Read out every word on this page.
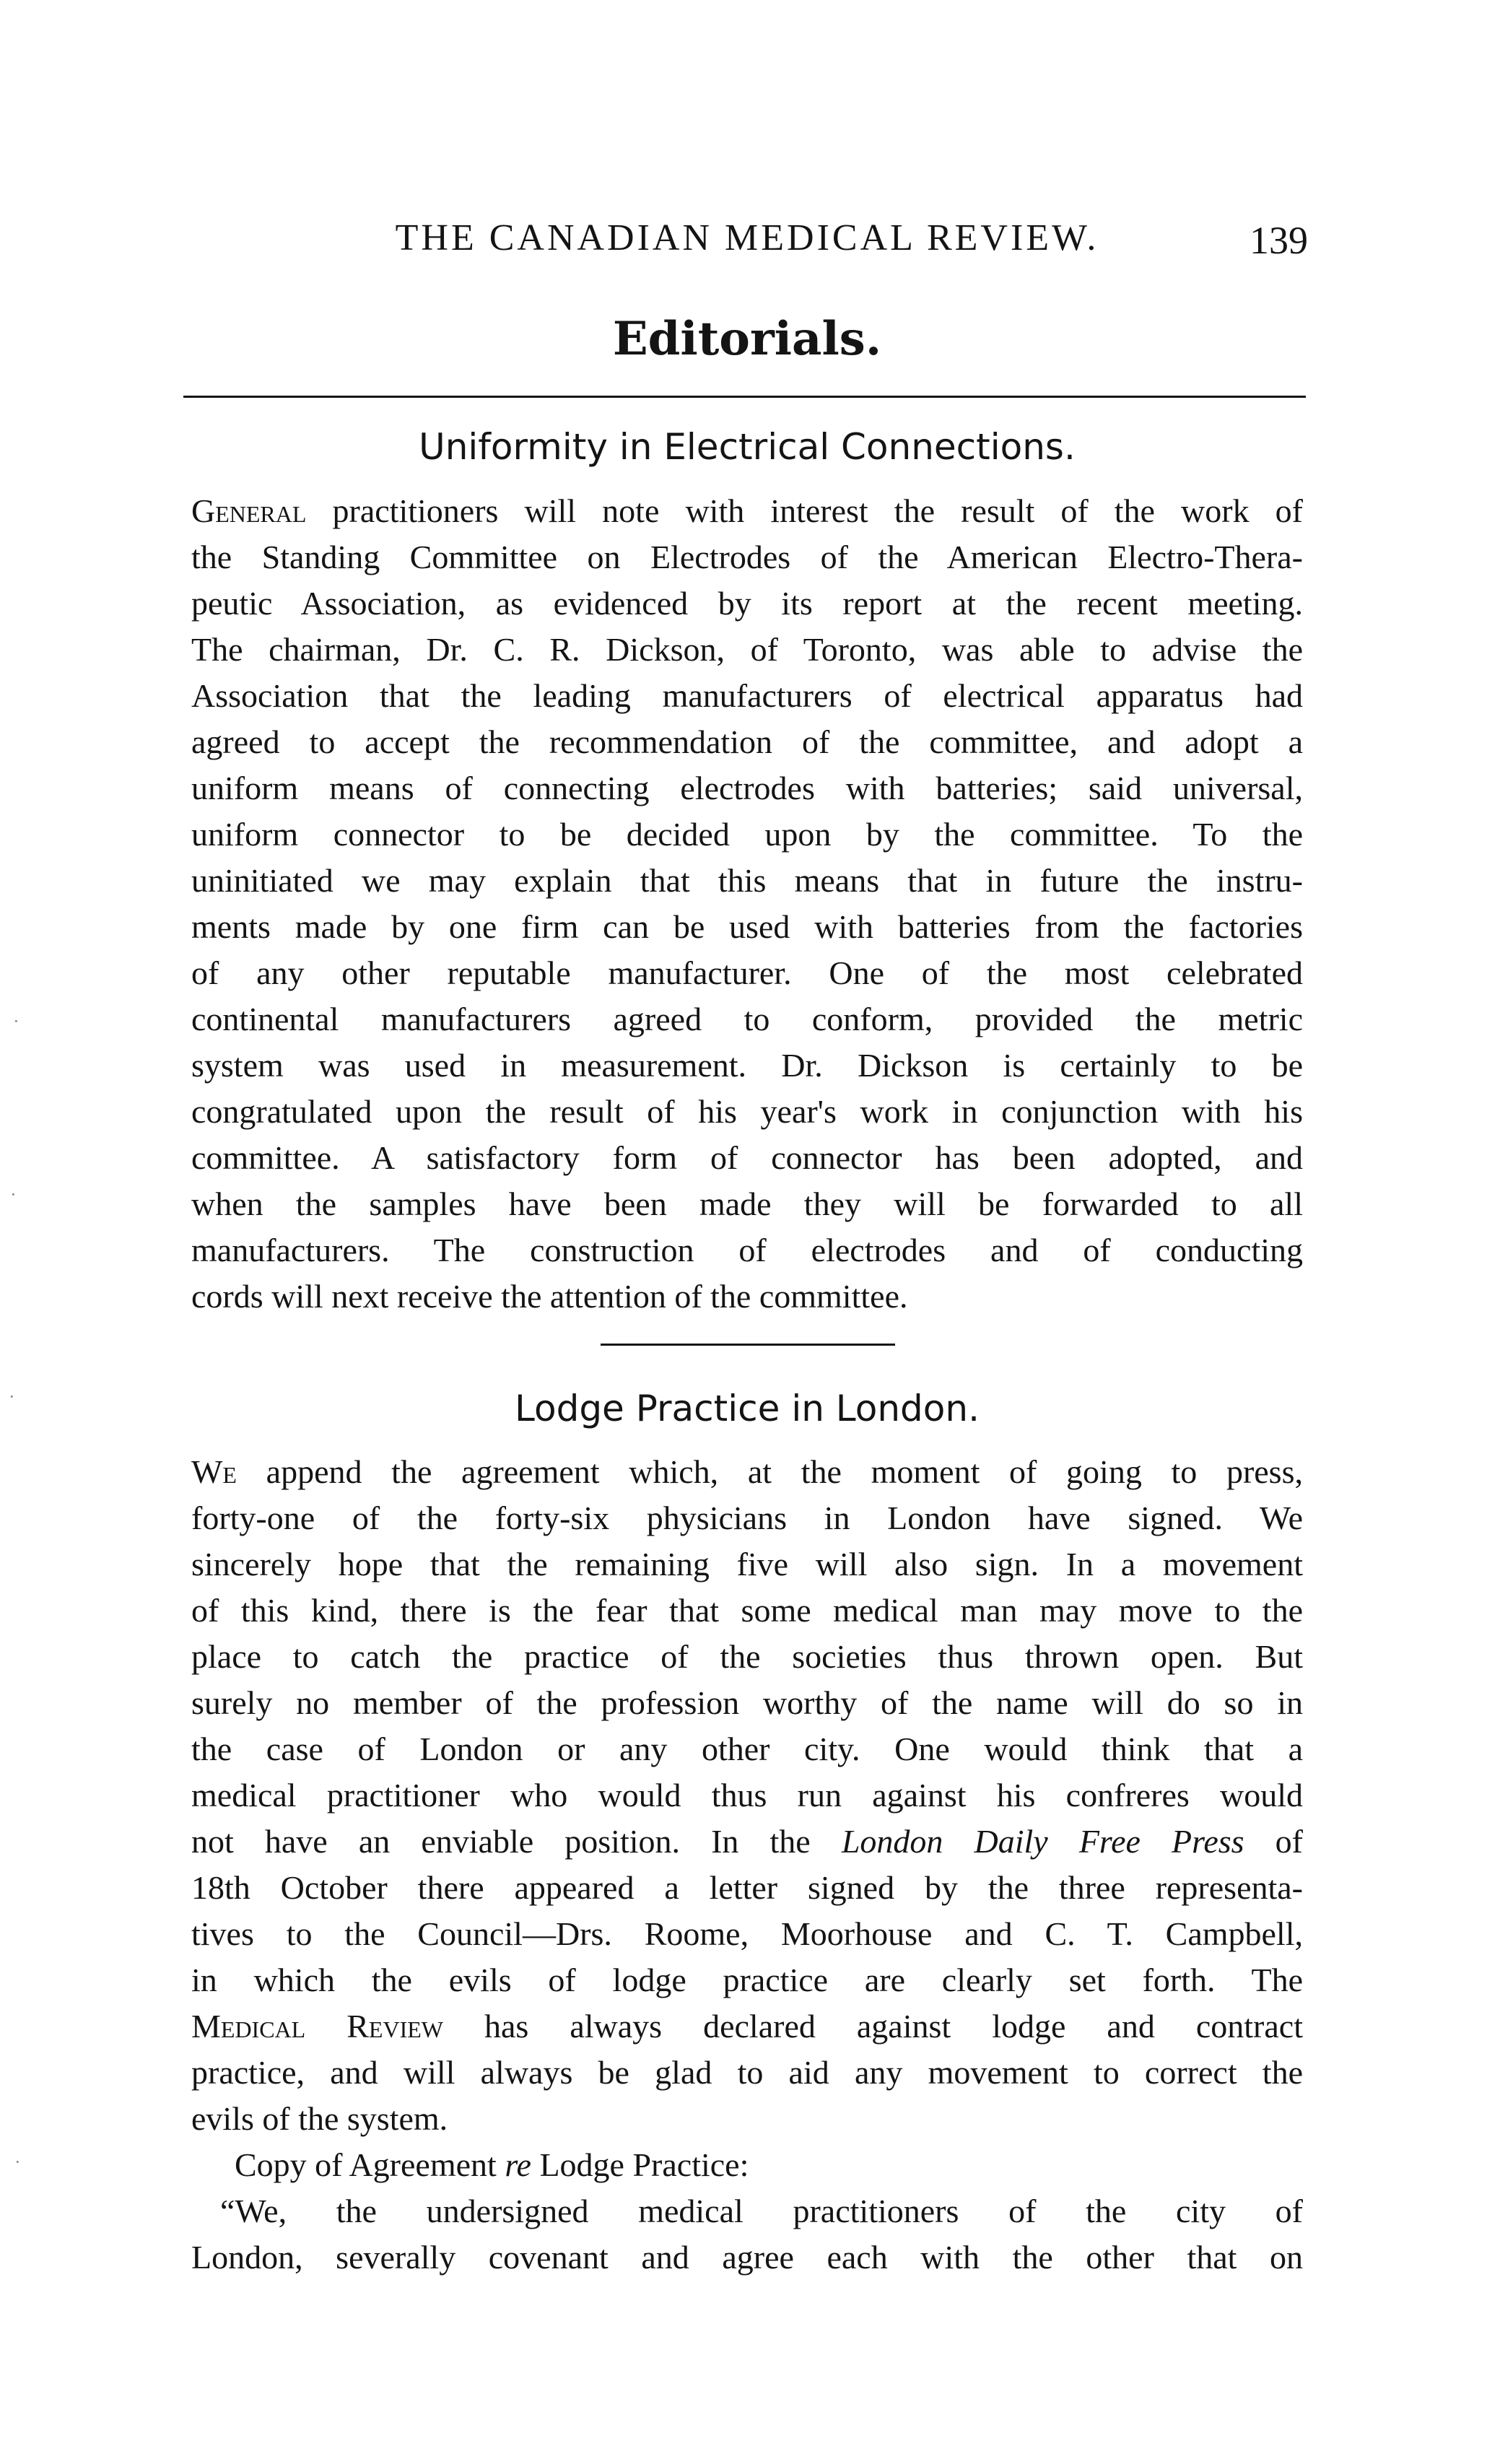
THE CANADIAN MEDICAL REVIEW.	139
Editorials.
Uniformity in Electrical Connections.
General practitioners will note with interest the result of the work of
the Standing Committee on Electrodes of the American Electro-Thera-
peutic Association, as evidenced by its report at the recent meeting.
The chairman, Dr. C. R. Dickson, of Toronto, was able to advise the
Association that the leading manufacturers of electrical apparatus had
agreed to accept the recommendation of the committee, and adopt a
uniform means of connecting electrodes with batteries; said universal,
uniform connector to be decided upon by the committee. To the
uninitiated we may explain that this means that in future the instru-
ments made by one firm can be used with batteries from the factories
of any other reputable manufacturer. One of the most celebrated
continental manufacturers agreed to conform, provided the metric
system was used in measurement. Dr. Dickson is certainly to be
congratulated upon the result of his year's work in conjunction with his
committee. A satisfactory form of connector has been adopted, and
when the samples have been made they will be forwarded to all
manufacturers. The construction of electrodes and of conducting
cords will next receive the attention of the committee.
Lodge Practice in London.
We append the agreement which, at the moment of going to press,
forty-one of the forty-six physicians in London have signed. We
sincerely hope that the remaining five will also sign. In a movement
of this kind, there is the fear that some medical man may move to the
place to catch the practice of the societies thus thrown open. But
surely no member of the profession worthy of the name will do so in
the case of London or any other city. One would think that a
medical practitioner who would thus run against his confreres would
not have an enviable position. In the London Daily Free Press of
18th October there appeared a letter signed by the three representa-
tives to the Council—Drs. Roome, Moorhouse and C. T. Campbell,
in which the evils of lodge practice are clearly set forth. The
Medical Review has always declared against lodge and contract
practice, and will always be glad to aid any movement to correct the
evils of the system.
Copy of Agreement re Lodge Practice:
“We, the undersigned medical practitioners of the city of
London, severally covenant and agree each with the other that on
·
·
·
·
